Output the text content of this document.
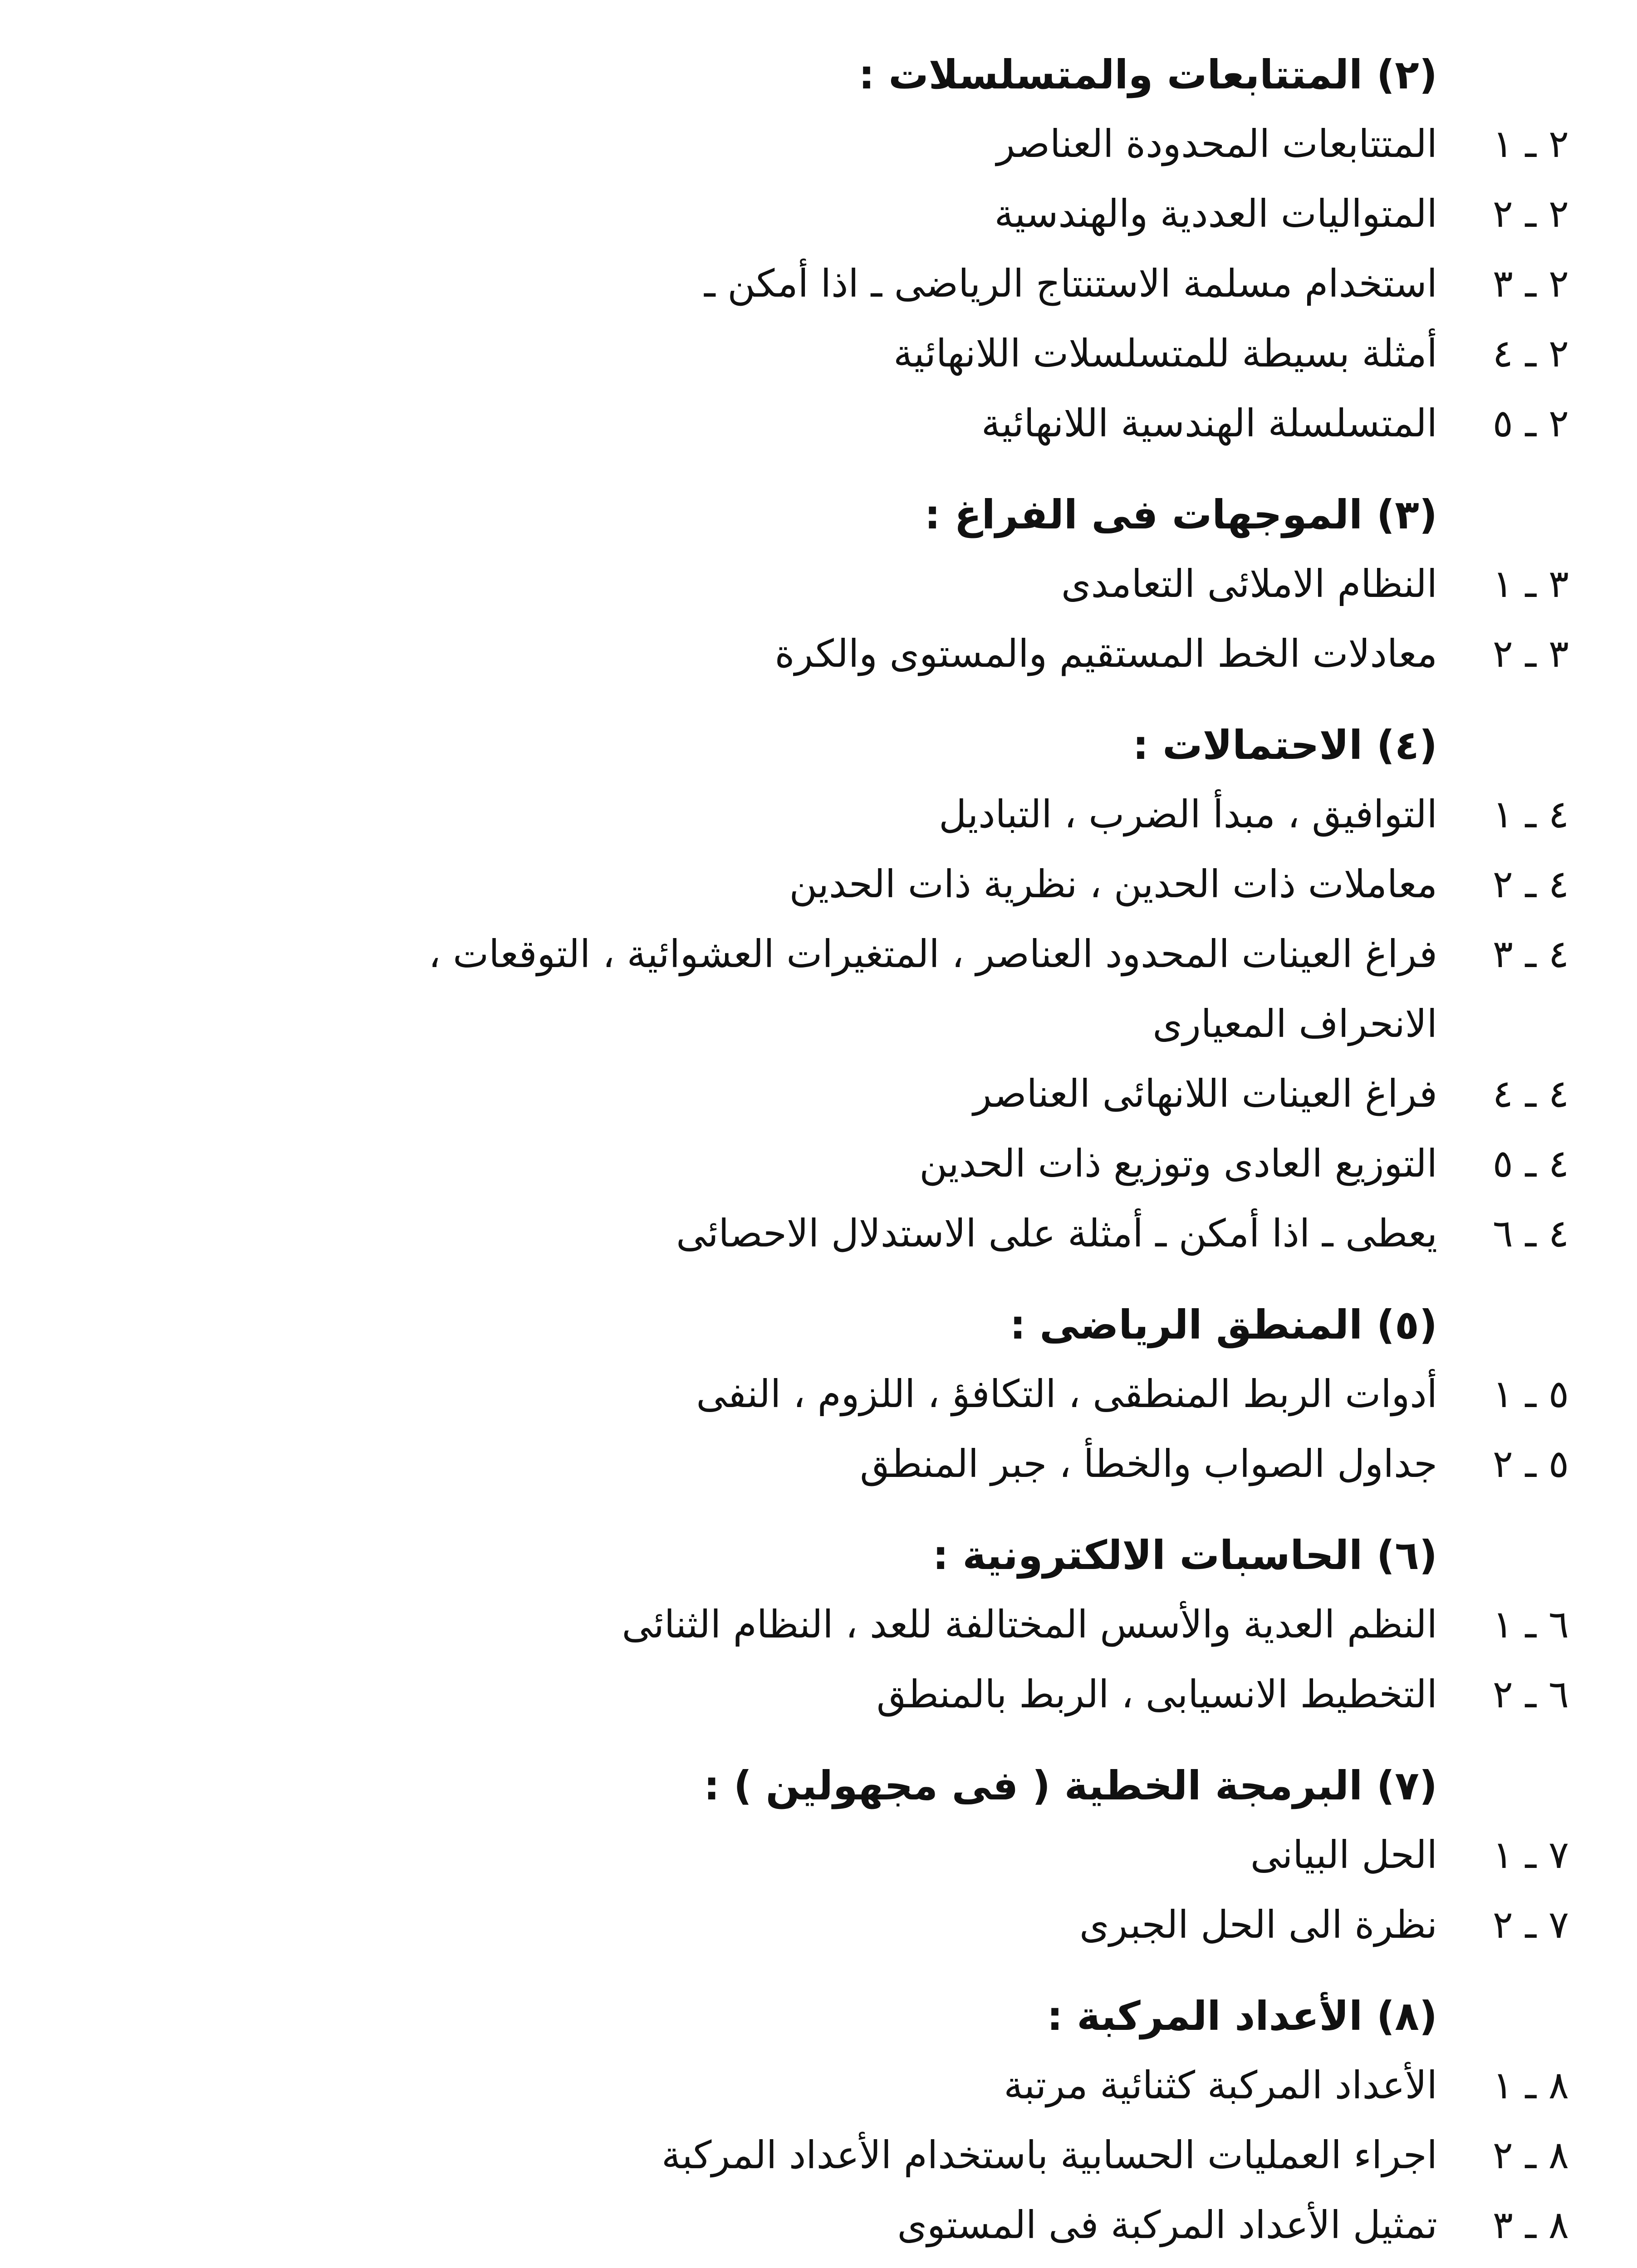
(٢) المتتابعات والمتسلسلات :
٢ ـ ١
المتتابعات المحدودة العناصر
٢ ـ ٢
المتواليات العددية والهندسية
٢ ـ ٣
استخدام مسلمة الاستنتاج الرياضى ـ اذا أمكن ـ
٢ ـ ٤
أمثلة بسيطة للمتسلسلات اللانهائية
٢ ـ ٥
المتسلسلة الهندسية اللانهائية
(٣) الموجهات فى الفراغ :
٣ ـ ١
النظام الاملائى التعامدى
٣ ـ ٢
معادلات الخط المستقيم والمستوى والكرة
(٤) الاحتمالات :
٤ ـ ١
التوافيق ، مبدأ الضرب ، التباديل
٤ ـ ٢
معاملات ذات الحدين ، نظرية ذات الحدين
٤ ـ ٣
فراغ العينات المحدود العناصر ، المتغيرات العشوائية ، التوقعات ،
الانحراف المعيارى
٤ ـ ٤
فراغ العينات اللانهائى العناصر
٤ ـ ٥
التوزيع العادى وتوزيع ذات الحدين
٤ ـ ٦
يعطى ـ اذا أمكن ـ أمثلة على الاستدلال الاحصائى
(٥) المنطق الرياضى :
٥ ـ ١
أدوات الربط المنطقى ، التكافؤ ، اللزوم ، النفى
٥ ـ ٢
جداول الصواب والخطأ ، جبر المنطق
(٦) الحاسبات الالكترونية :
٦ ـ ١
النظم العدية والأسس المختالفة للعد ، النظام الثنائى
٦ ـ ٢
التخطيط الانسيابى ، الربط بالمنطق
(٧) البرمجة الخطية ( فى مجهولين ) :
٧ ـ ١
الحل البيانى
٧ ـ ٢
نظرة الى الحل الجبرى
(٨) الأعداد المركبة :
٨ ـ ١
الأعداد المركبة كثنائية مرتبة
٨ ـ ٢
اجراء العمليات الحسابية باستخدام الأعداد المركبة
٨ ـ ٣
تمثيل الأعداد المركبة فى المستوى
